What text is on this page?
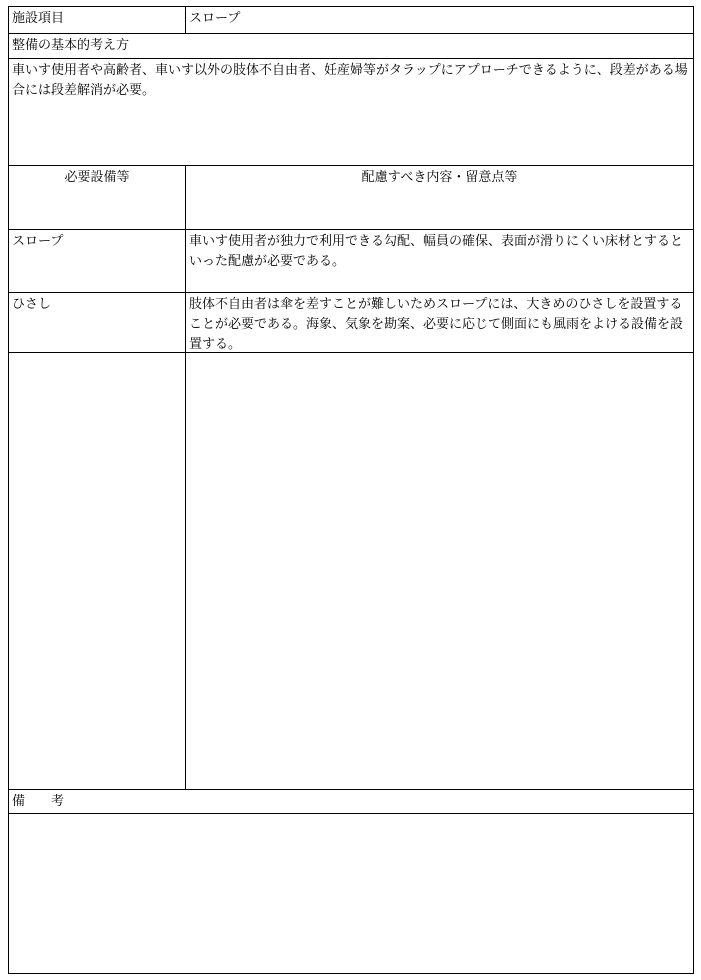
施設項目	スロープ
整備の基本的考え方
車いす使用者や高齢者、車いす以外の肢体不自由者、妊産婦等がタラップにアプローチできるように、段差がある場合には段差解消が必要。
必要設備等	配慮すべき内容・留意点等
スロープ	車いす使用者が独力で利用できる勾配、幅員の確保、表面が滑りにくい床材とするといった配慮が必要である。
ひさし	肢体不自由者は傘を差すことが難しいためスロープには、大きめのひさしを設置することが必要である。海象、気象を勘案、必要に応じて側面にも風雨をよける設備を設置する。
備　　考
